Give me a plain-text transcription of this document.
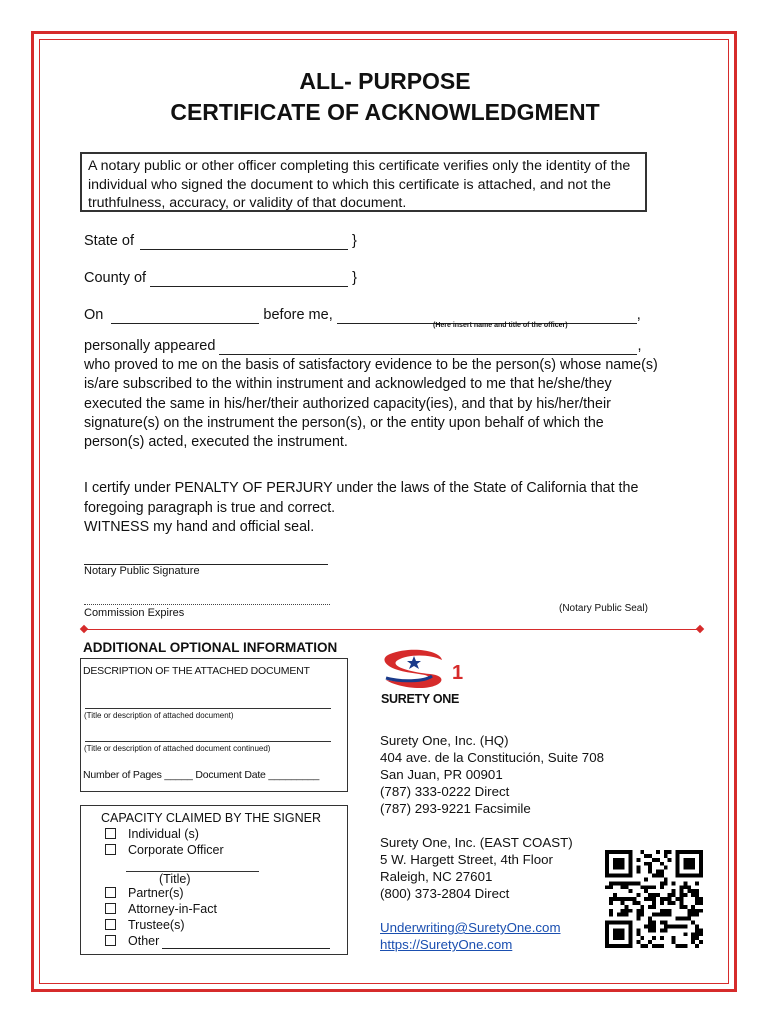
ALL- PURPOSE
CERTIFICATE OF ACKNOWLEDGMENT
A notary public or other officer completing this certificate verifies only the identity of the individual who signed the document to which this certificate is attached, and not the truthfulness, accuracy, or validity of that document.
State of	}
County of	}
On	before me,	,
(Here insert name and title of the officer)
personally appeared	,
who proved to me on the basis of satisfactory evidence to be the person(s) whose name(s) is/are subscribed to the within instrument and acknowledged to me that he/she/they executed the same in his/her/their authorized capacity(ies), and that by his/her/their signature(s) on the instrument the person(s), or the entity upon behalf of which the person(s) acted, executed the instrument.
I certify under PENALTY OF PERJURY under the laws of the State of California that the foregoing paragraph is true and correct.
WITNESS my hand and official seal.
Notary Public Signature
Commission Expires	(Notary Public Seal)
ADDITIONAL OPTIONAL INFORMATION
DESCRIPTION OF THE ATTACHED DOCUMENT
(Title or description of attached document)
(Title or description of attached document continued)
Number of Pages _____ Document Date _________
CAPACITY CLAIMED BY THE SIGNER
Individual (s)
Corporate Officer
(Title)
Partner(s)
Attorney-in-Fact
Trustee(s)
Other
1
SURETY ONE
Surety One, Inc. (HQ)
404 ave. de la Constitución, Suite 708
San Juan, PR 00901
(787) 333-0222 Direct
(787) 293-9221 Facsimile
Surety One, Inc. (EAST COAST)
5 W. Hargett Street, 4th Floor
Raleigh, NC 27601
(800) 373-2804 Direct
Underwriting@SuretyOne.com
https://SuretyOne.com
